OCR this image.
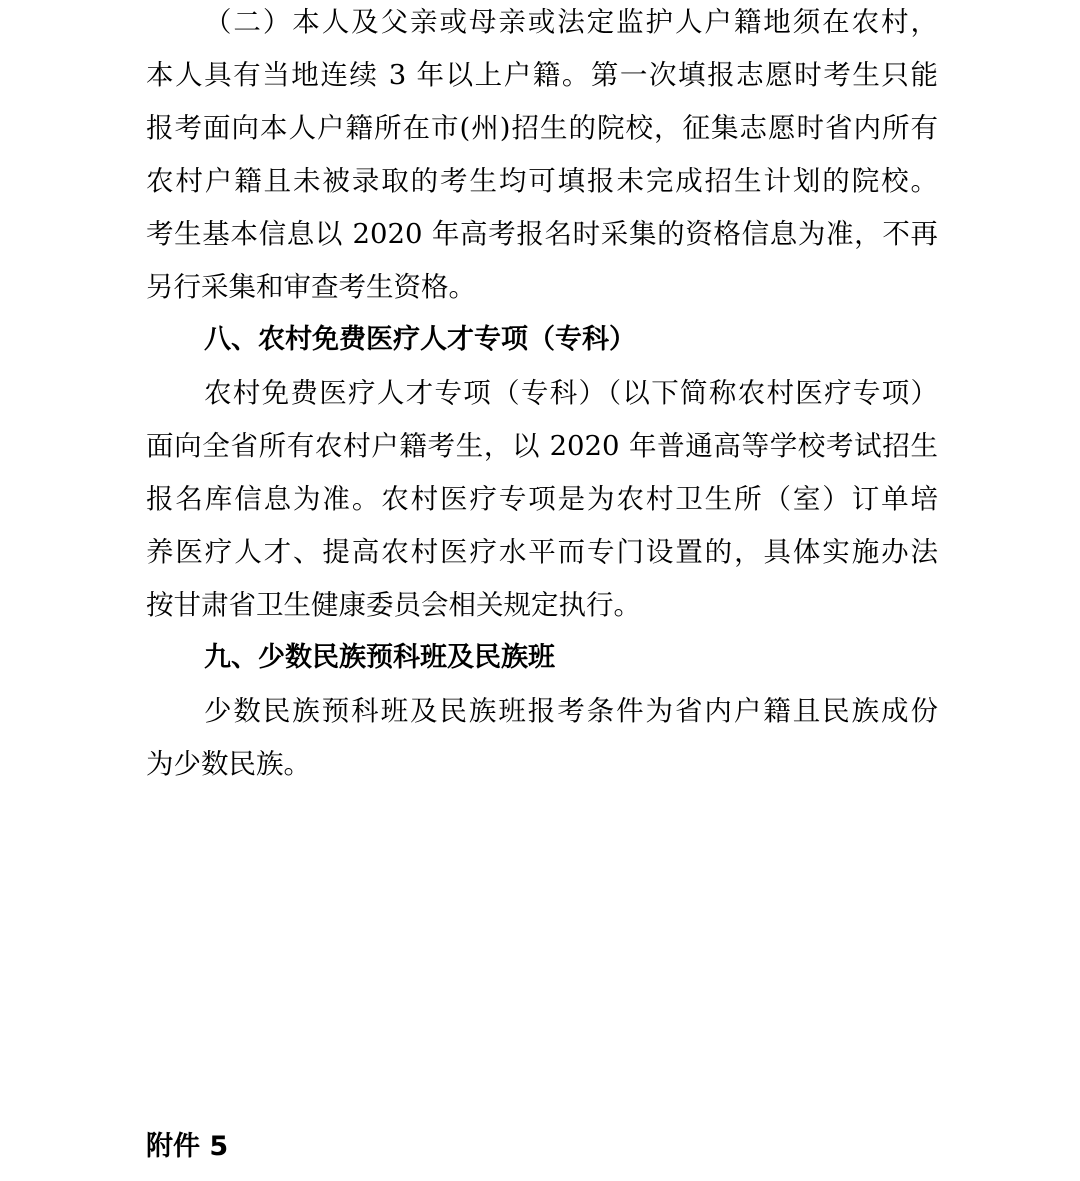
（二）本人及父亲或母亲或法定监护人户籍地须在农村，
本人具有当地连续 3 年以上户籍。第一次填报志愿时考生只能
报考面向本人户籍所在市(州)招生的院校，征集志愿时省内所有
农村户籍且未被录取的考生均可填报未完成招生计划的院校。
考生基本信息以 2020 年高考报名时采集的资格信息为准，不再
另行采集和审查考生资格。
八、农村免费医疗人才专项（专科）
农村免费医疗人才专项（专科）（以下简称农村医疗专项）
面向全省所有农村户籍考生，以 2020 年普通高等学校考试招生
报名库信息为准。农村医疗专项是为农村卫生所（室）订单培
养医疗人才、提高农村医疗水平而专门设置的，具体实施办法
按甘肃省卫生健康委员会相关规定执行。
九、少数民族预科班及民族班
少数民族预科班及民族班报考条件为省内户籍且民族成份
为少数民族。
附件 5
